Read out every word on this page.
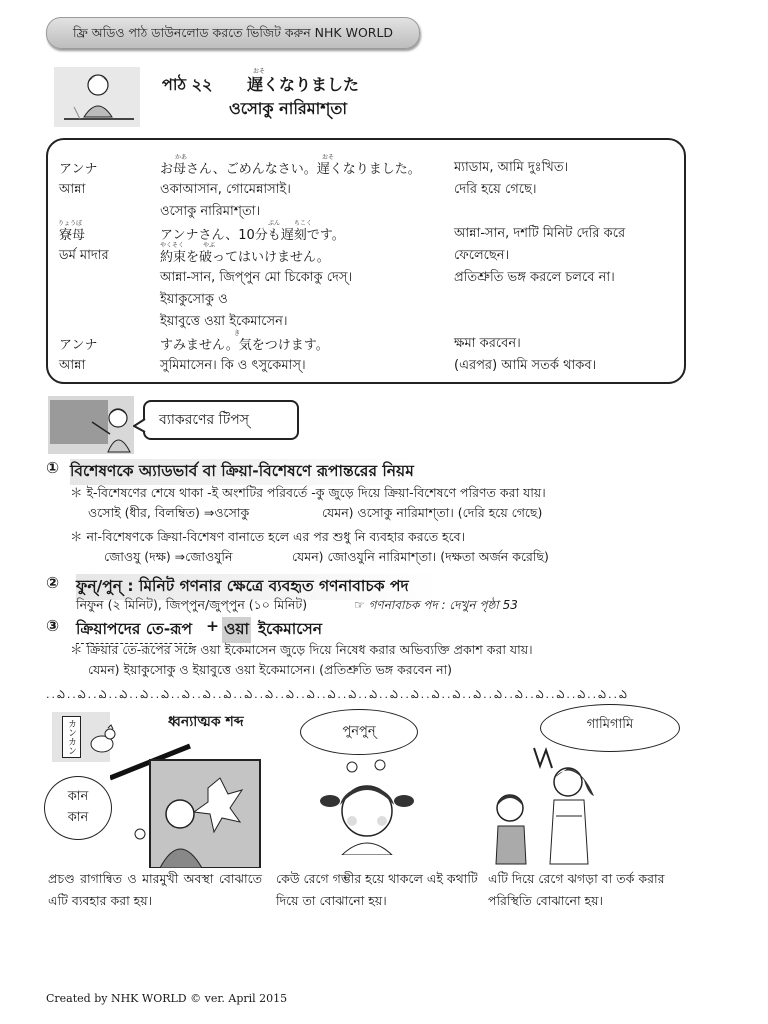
ফ্রি অডিও পাঠ ডাউনলোড করতে ভিজিট করুন NHK WORLD
পাঠ ২২
おそ
遅くなりました
ওসোকু নারিমাশ্‌তা
かあ	おそ
りょうぼ	ぷん ちこく
やくそく	やぶ
き
アンナ	お母さん、ごめんなさい。遅くなりました。	ম্যাডাম, আমি দুঃখিত।
আন্না	ওকাআসান, গোমেন্নাসাই।	দেরি হয়ে গেছে।
ওসোকু নারিমাশ্‌তা।
寮母	アンナさん、10分も遅刻です。	আন্না-সান, দশটি মিনিট দেরি করে
ডর্ম মাদার	約束を破ってはいけません。	ফেলেছেন।
আন্না-সান, জিপ্‌পুন মো চিকোকু দেস্‌।	প্রতিশ্রুতি ভঙ্গ করলে চলবে না।
ইয়াকুসোকু ও
ইয়াবুত্তে ওয়া ইকেমাসেন।
アンナ	すみません。気をつけます。	ক্ষমা করবেন।
আন্না	সুমিমাসেন। কি ও ৎসুকেমাস্‌।	(এরপর) আমি সতর্ক থাকব।
ব্যাকরণের টিপস্‌
① বিশেষণকে অ্যাডভার্ব বা ক্রিয়া-বিশেষণে রূপান্তরের নিয়ম
＊ ই-বিশেষণের শেষে থাকা -ই অংশটির পরিবর্তে -কু জুড়ে দিয়ে ক্রিয়া-বিশেষণে পরিণত করা যায়।
ওসোই (ধীর, বিলম্বিত) ⇒ওসোকু	যেমন) ওসোকু নারিমাশ্‌তা। (দেরি হয়ে গেছে)
＊ না-বিশেষণকে ক্রিয়া-বিশেষণ বানাতে হলে এর পর শুধু নি ব্যবহার করতে হবে।
জোওযু (দক্ষ) ⇒জোওযুনি	যেমন) জোওযুনি নারিমাশ্‌তা। (দক্ষতা অর্জন করেছি)
② ফুন্‌/পুন্‌ : মিনিট গণনার ক্ষেত্রে ব্যবহৃত গণনাবাচক পদ
নিফুন (২ মিনিট), জিপ্‌পুন/জুপ্‌পুন (১০ মিনিট)	☞ গণনাবাচক পদ : দেখুন পৃষ্ঠা 53
③ ক্রিয়াপদের তে-রূপ + ওয়া ইকেমাসেন
＊ ক্রিয়ার তে-রূপের সঙ্গে ওয়া ইকেমাসেন জুড়ে দিয়ে নিষেধ করার অভিব্যক্তি প্রকাশ করা যায়।
যেমন) ইয়াকুসোকু ও ইয়াবুত্তে ওয়া ইকেমাসেন। (প্রতিশ্রুতি ভঙ্গ করবেন না)
..ఎ..ఎ..ఎ..ఎ..ఎ..ఎ..ఎ..ఎ..ఎ..ఎ..ఎ..ఎ..ఎ..ఎ..ఎ..ఎ..ఎ..ఎ..ఎ..ఎ..ఎ..ఎ..ఎ..ఎ..ఎ..ఎ..ఎ..ఎ
カンカン	ধ্বন্যাত্মক শব্দ
কান
কান
পুনপুন্‌	গামিগামি
প্রচণ্ড রাগান্বিত ও মারমুখী অবস্থা বোঝাতে এটি ব্যবহার করা হয়।
কেউ রেগে গম্ভীর হয়ে থাকলে এই কথাটি দিয়ে তা বোঝানো হয়।
এটি দিয়ে রেগে ঝগড়া বা তর্ক করার পরিস্থিতি বোঝানো হয়।
Created by NHK WORLD © ver. April 2015
